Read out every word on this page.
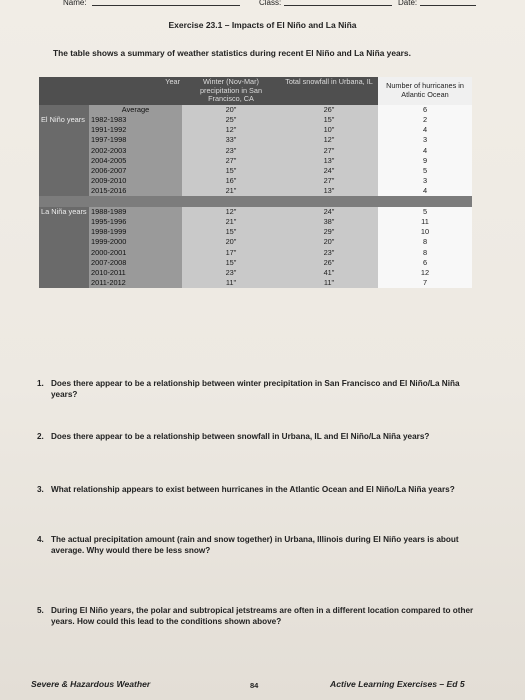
Name:	Class:	Date:
Exercise 23.1 – Impacts of El Niño and La Niña
The table shows a summary of weather statistics during recent El Niño and La Niña years.
	Year	Winter (Nov-Mar) precipitation in San Francisco, CA	Total snowfall in Urbana, IL	Number of hurricanes in Atlantic Ocean
	Average	20"	26"	6
El Niño years	1982-1983	25"	15"	2
	1991-1992	12"	10"	4
	1997-1998	33"	12"	3
	2002-2003	23"	27"	4
	2004-2005	27"	13"	9
	2006-2007	15"	24"	5
	2009-2010	16"	27"	3
	2015-2016	21"	13"	4

La Niña years	1988-1989	12"	24"	5
	1995-1996	21"	38"	11
	1998-1999	15"	29"	10
	1999-2000	20"	20"	8
	2000-2001	17"	23"	8
	2007-2008	15"	26"	6
	2010-2011	23"	41"	12
	2011-2012	11"	11"	7
1. Does there appear to be a relationship between winter precipitation in San Francisco and El Niño/La Niña years?
2. Does there appear to be a relationship between snowfall in Urbana, IL and El Niño/La Niña years?
3. What relationship appears to exist between hurricanes in the Atlantic Ocean and El Niño/La Niña years?
4. The actual precipitation amount (rain and snow together) in Urbana, Illinois during El Niño years is about average. Why would there be less snow?
5. During El Niño years, the polar and subtropical jetstreams are often in a different location compared to other years. How could this lead to the conditions shown above?
Severe & Hazardous Weather	84	Active Learning Exercises – Ed 5
